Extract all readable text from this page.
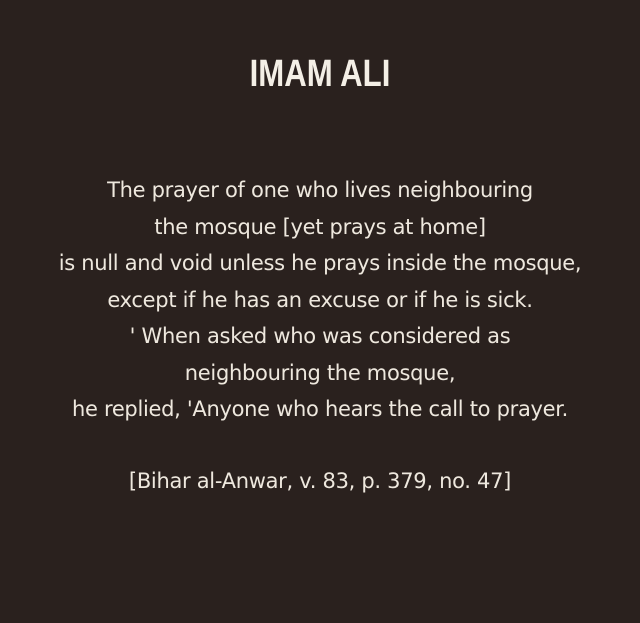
IMAM ALI
The prayer of one who lives neighbouring
the mosque [yet prays at home]
is null and void unless he prays inside the mosque,
except if he has an excuse or if he is sick.
' When asked who was considered as
neighbouring the mosque,
he replied, 'Anyone who hears the call to prayer.
[Bihar al-Anwar, v. 83, p. 379, no. 47]
